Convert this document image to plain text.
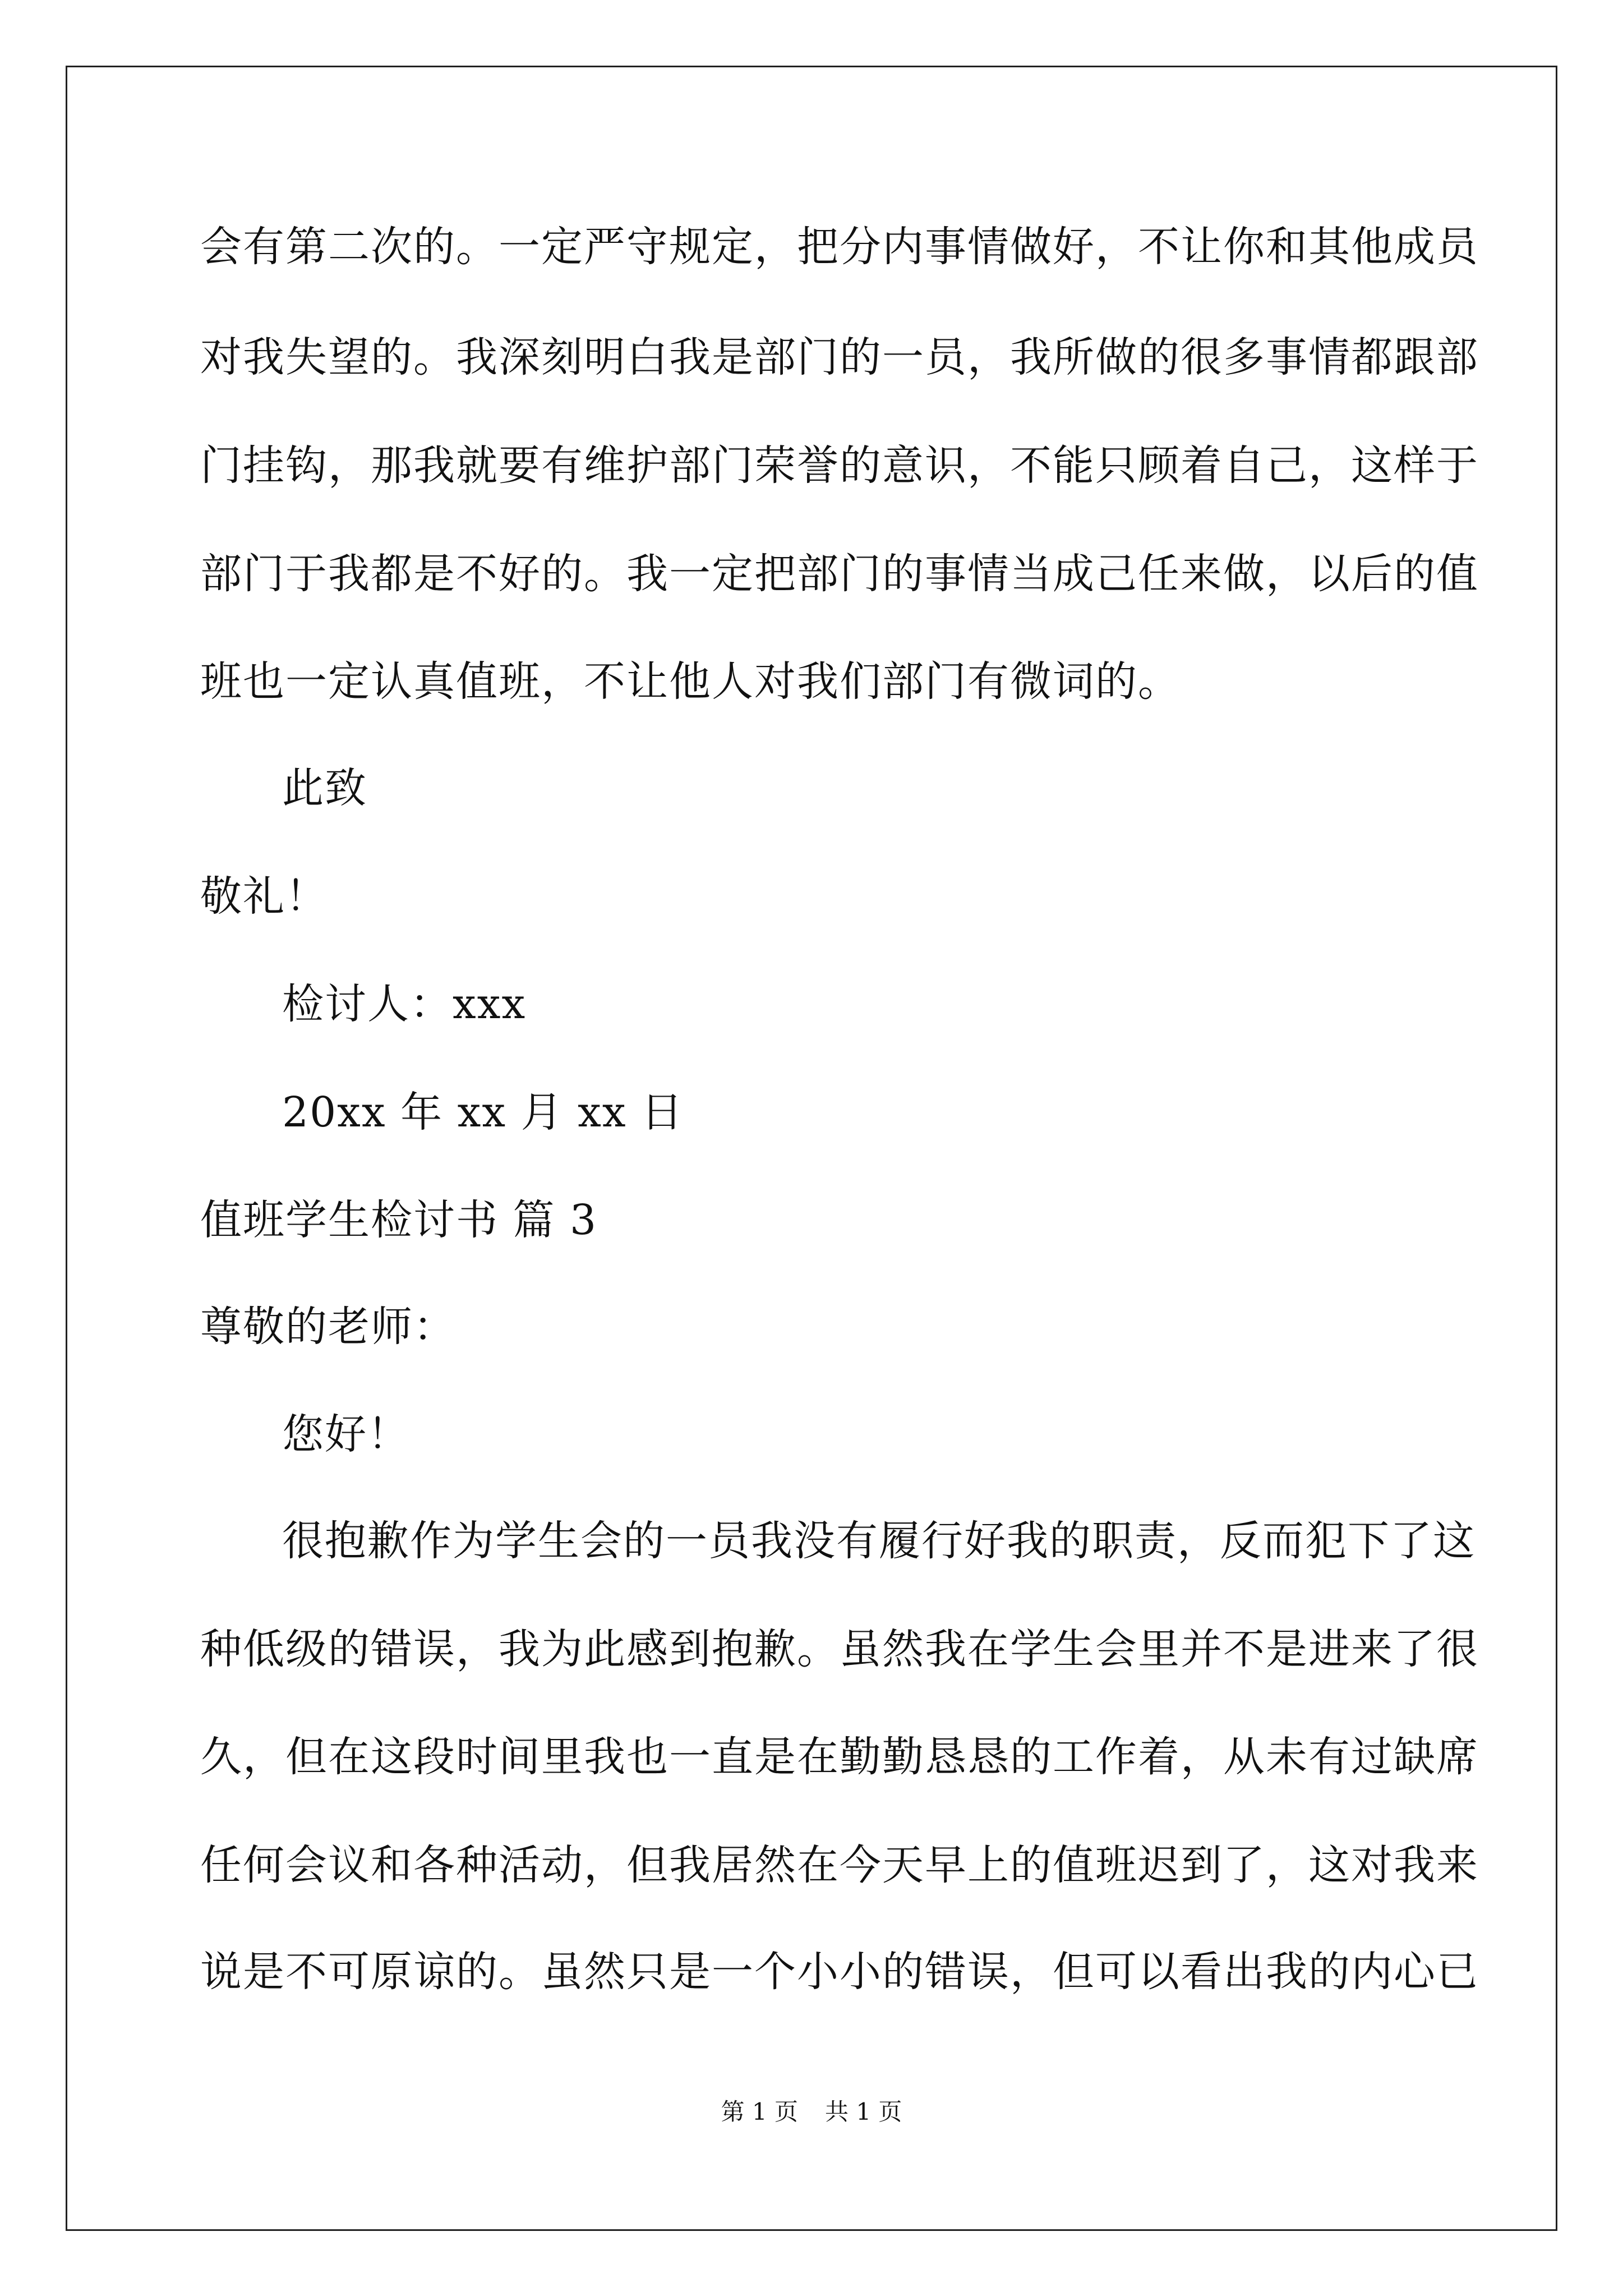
会有第二次的。一定严守规定，把分内事情做好，不让你和其他成员
对我失望的。我深刻明白我是部门的一员，我所做的很多事情都跟部
门挂钩，那我就要有维护部门荣誉的意识，不能只顾着自己，这样于
部门于我都是不好的。我一定把部门的事情当成己任来做，以后的值
班也一定认真值班，不让他人对我们部门有微词的。
此致
敬礼！
检讨人：xxx
20xx 年 xx 月 xx 日
值班学生检讨书 篇 3
尊敬的老师：
您好！
很抱歉作为学生会的一员我没有履行好我的职责，反而犯下了这
种低级的错误，我为此感到抱歉。虽然我在学生会里并不是进来了很
久，但在这段时间里我也一直是在勤勤恳恳的工作着，从未有过缺席
任何会议和各种活动，但我居然在今天早上的值班迟到了，这对我来
说是不可原谅的。虽然只是一个小小的错误，但可以看出我的内心已
第 1 页 共 1 页
